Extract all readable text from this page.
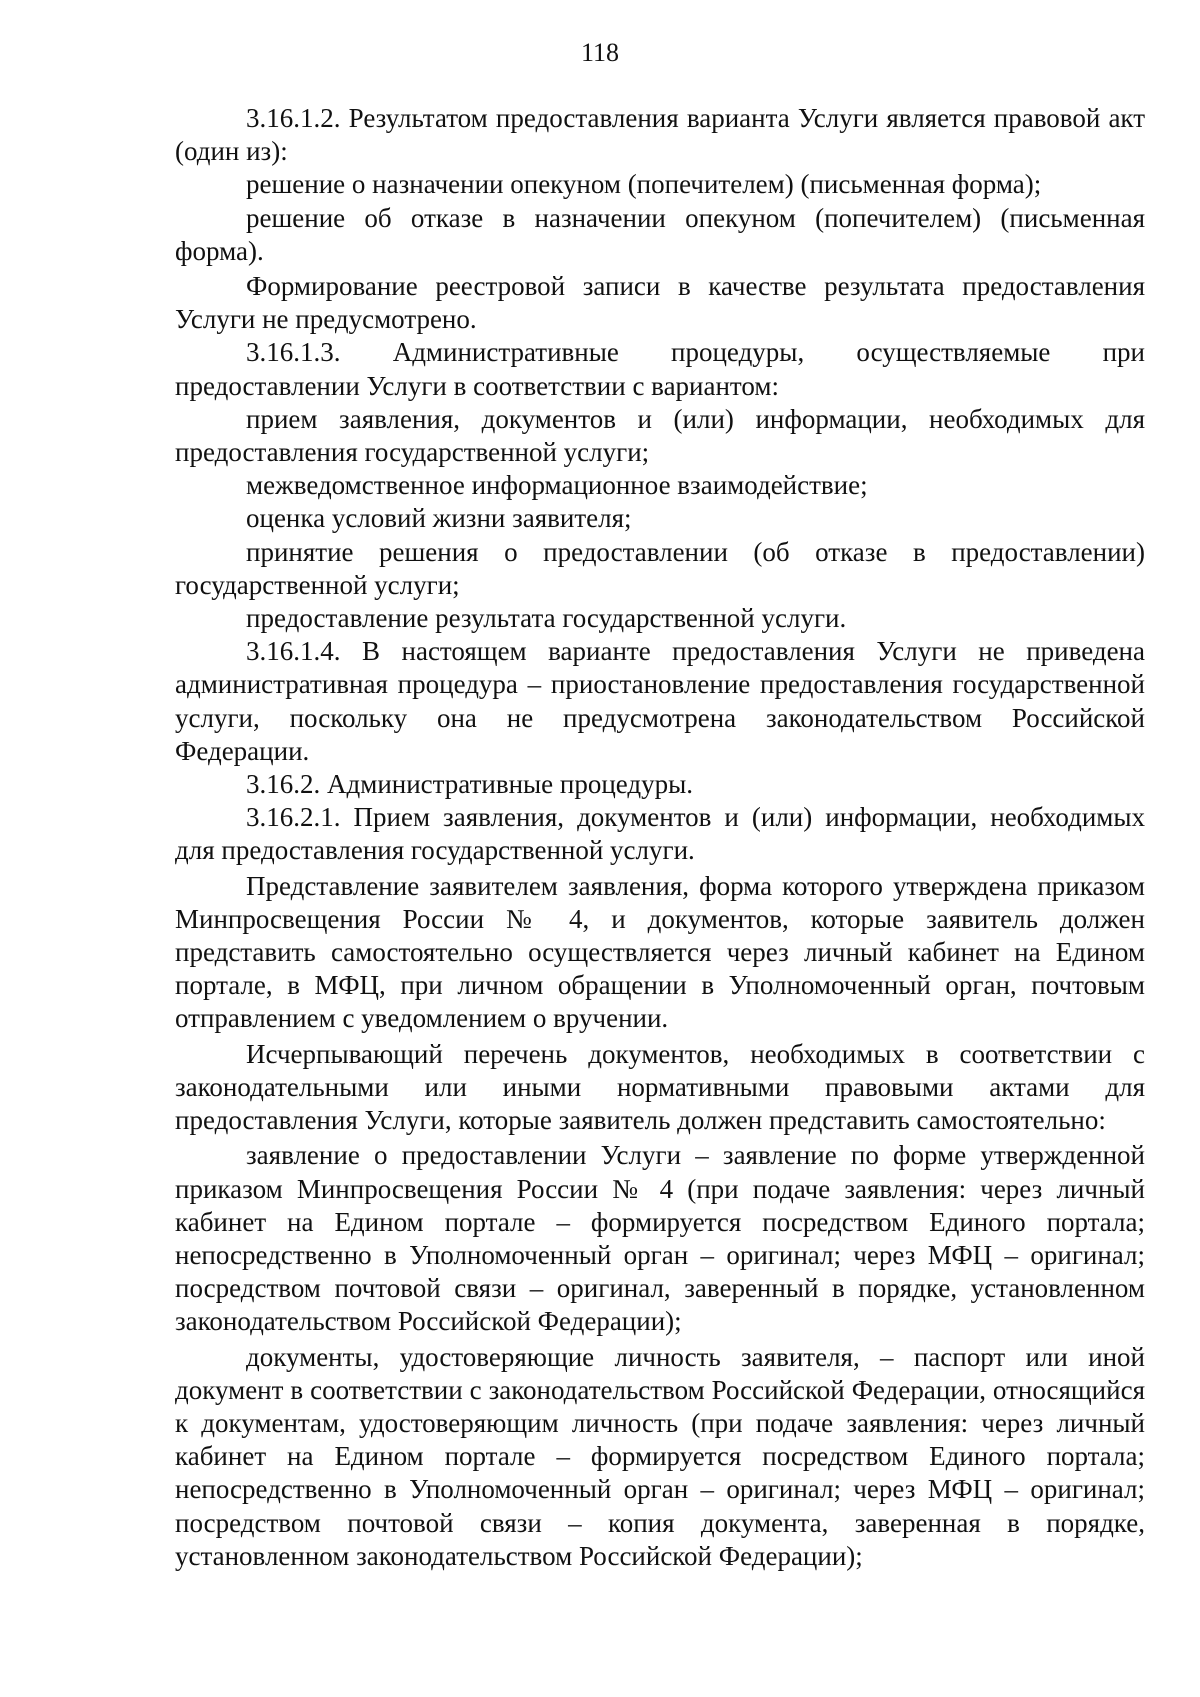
118

3.16.1.2. Результатом предоставления варианта Услуги является правовой акт (один из):

решение о назначении опекуном (попечителем) (письменная форма);

решение об отказе в назначении опекуном (попечителем) (письменная форма).

Формирование реестровой записи в качестве результата предоставления Услуги не предусмотрено.

3.16.1.3. Административные процедуры, осуществляемые при предоставлении Услуги в соответствии с вариантом:

прием заявления, документов и (или) информации, необходимых для предоставления государственной услуги;

межведомственное информационное взаимодействие;

оценка условий жизни заявителя;

принятие решения о предоставлении (об отказе в предоставлении) государственной услуги;

предоставление результата государственной услуги.

3.16.1.4. В настоящем варианте предоставления Услуги не приведена административная процедура – приостановление предоставления государственной услуги, поскольку она не предусмотрена законодательством Российской Федерации.

3.16.2. Административные процедуры.

3.16.2.1. Прием заявления, документов и (или) информации, необходимых для предоставления государственной услуги.

Представление заявителем заявления, форма которого утверждена приказом Минпросвещения России № 4, и документов, которые заявитель должен представить самостоятельно осуществляется через личный кабинет на Едином портале, в МФЦ, при личном обращении в Уполномоченный орган, почтовым отправлением с уведомлением о вручении.

Исчерпывающий перечень документов, необходимых в соответствии с законодательными или иными нормативными правовыми актами для предоставления Услуги, которые заявитель должен представить самостоятельно:

заявление о предоставлении Услуги – заявление по форме утвержденной приказом Минпросвещения России № 4 (при подаче заявления: через личный кабинет на Едином портале – формируется посредством Единого портала; непосредственно в Уполномоченный орган – оригинал; через МФЦ – оригинал; посредством почтовой связи – оригинал, заверенный в порядке, установленном законодательством Российской Федерации);

документы, удостоверяющие личность заявителя, – паспорт или иной документ в соответствии с законодательством Российской Федерации, относящийся к документам, удостоверяющим личность (при подаче заявления: через личный кабинет на Едином портале – формируется посредством Единого портала; непосредственно в Уполномоченный орган – оригинал; через МФЦ – оригинал; посредством почтовой связи – копия документа, заверенная в порядке, установленном законодательством Российской Федерации);
